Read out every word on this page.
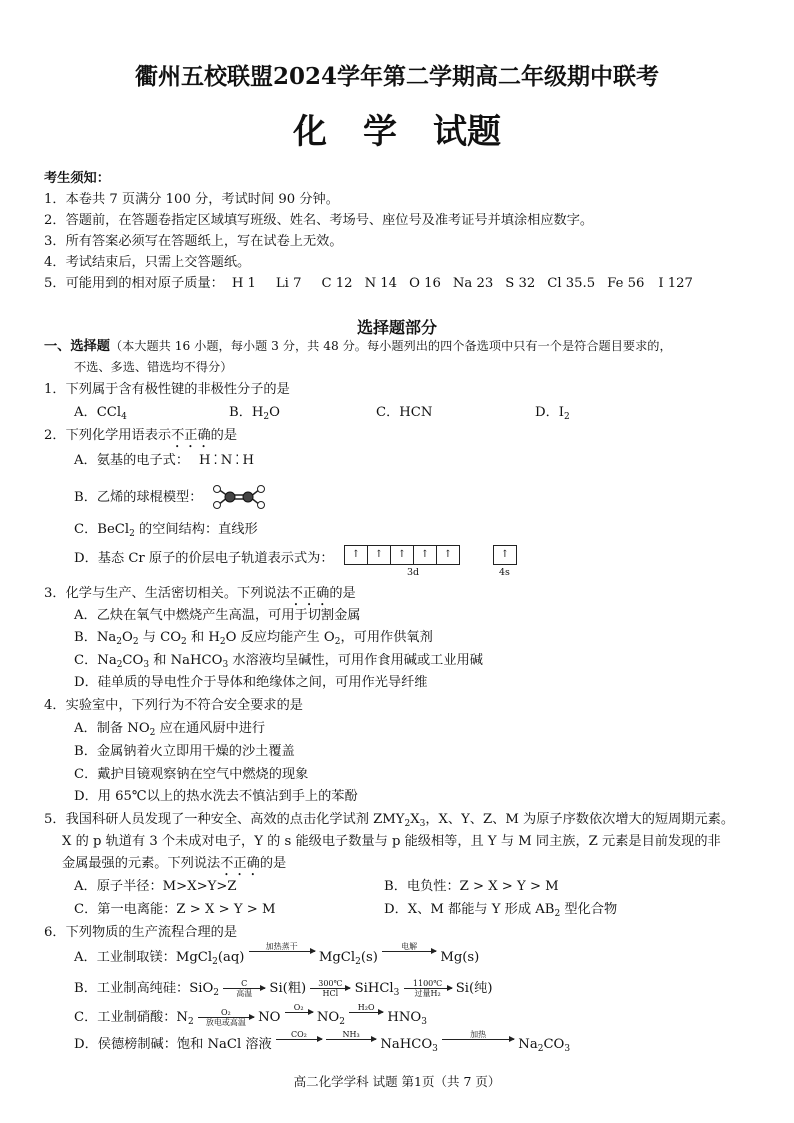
衢州五校联盟2024学年第二学期高二年级期中联考
化 学 试题
考生须知：
1．本卷共 7 页满分 100 分，考试时间 90 分钟。
2．答题前，在答题卷指定区域填写班级、姓名、考场号、座位号及准考证号并填涂相应数字。
3．所有答案必须写在答题纸上，写在试卷上无效。
4．考试结束后，只需上交答题纸。
5．可能用到的相对原子质量： H 1 Li 7 C 12 N 14 O 16 Na 23 S 32 Cl 35.5 Fe 56 I 127
选择题部分
一、选择题（本大题共 16 小题，每小题 3 分，共 48 分。每小题列出的四个备选项中只有一个是符合题目要求的，
不选、多选、错选均不得分）
1．下列属于含有极性键的非极性分子的是
A．CCl$_4$	B．$H_2O$	C．HCN	D．$I_2$
2．下列化学用语表示不正确的是
A．氨基的电子式： H⁚N⁚H
B．乙烯的球棍模型：
C．BeCl$_2$ 的空间结构：直线形
D．基态 Cr 原子的价层电子轨道表示式为：	↑	↑	↑	↑	↑	↑
3d	4s
3．化学与生产、生活密切相关。下列说法不正确的是
A．乙炔在氧气中燃烧产生高温，可用于切割金属
B．$Na_2O_2$ 与 $CO_2$ 和 $H_2O$ 反应均能产生 $O_2$，可用作供氧剂
C．$Na_2CO_3$ 和 NaHCO$_3$ 水溶液均呈碱性，可用作食用碱或工业用碱
D．硅单质的导电性介于导体和绝缘体之间，可用作光导纤维
4．实验室中，下列行为不符合安全要求的是
A．制备 $NO_2$ 应在通风厨中进行
B．金属钠着火立即用干燥的沙土覆盖
C．戴护目镜观察钠在空气中燃烧的现象
D．用 65℃以上的热水洗去不慎沾到手上的苯酚
5．我国科研人员发现了一种安全、高效的点击化学试剂 $ZMY_2X_3$，X、Y、Z、M 为原子序数依次增大的短周期元素。
X 的 p 轨道有 3 个未成对电子，Y 的 s 能级电子数量与 p 能级相等，且 Y 与 M 同主族，Z 元素是目前发现的非
金属最强的元素。下列说法不正确的是
A．原子半径：M>X>Y>Z	B．电负性：Z > X > Y > M
C．第一电离能：Z > X > Y > M	D．X、M 都能与 Y 形成 $AB_2$ 型化合物
6．下列物质的生产流程合理的是
A．工业制取镁：MgCl$_2$(aq)
加热蒸干

MgCl$_2$(s)
电解

Mg(s)
B．工业制高纯硅：SiO$_2$
C
高温	Si(粗)	300℃
HCl	SiHCl$_3$
1100℃
过量H₂	Si(纯)
C．工业制硝酸：$N_2$
O₂
放电或高温 NO
O₂

$NO_2$
H₂O

$HNO_3$
D．侯德榜制碱：饱和 NaCl 溶液
CO₂

	NH₃

NaHCO$_3$
加热

$Na_2CO_3$
高二化学学科 试题 第1页（共 7 页）
